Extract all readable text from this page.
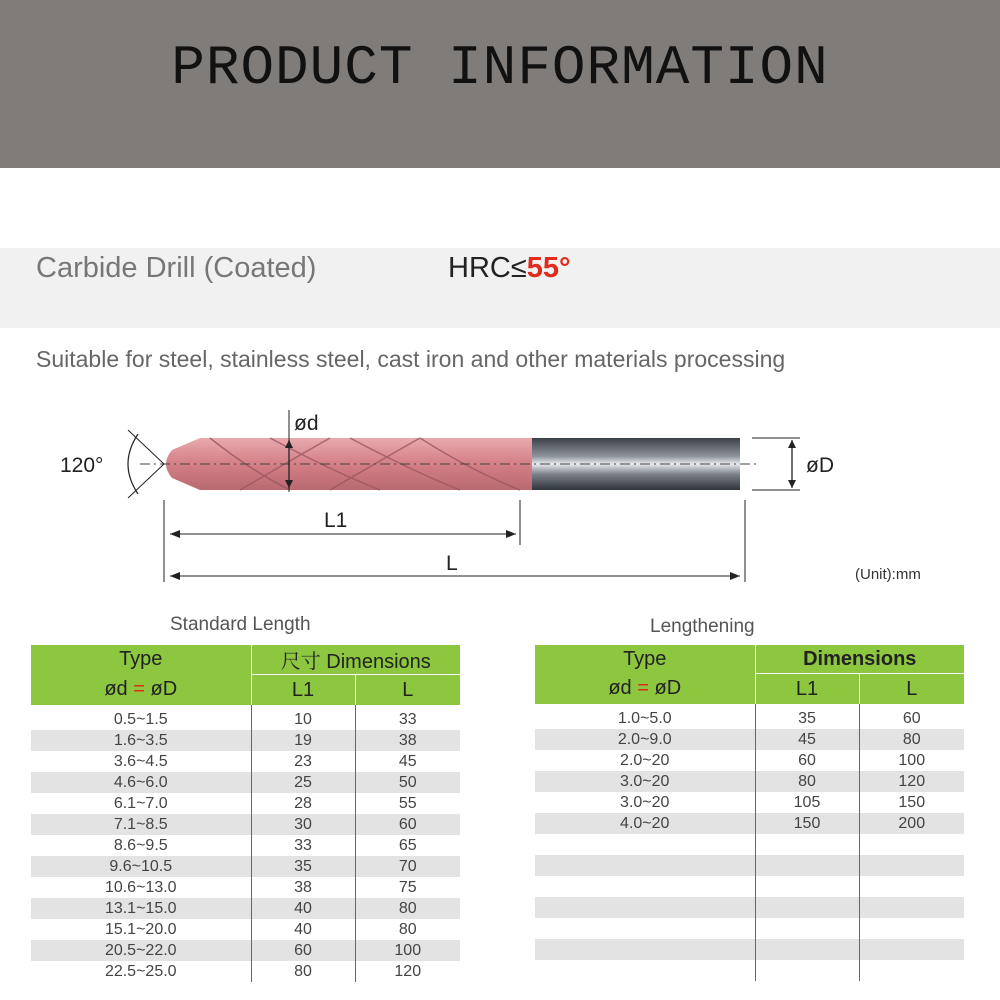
PRODUCT INFORMATION
Carbide Drill (Coated)	HRC≤55°
Suitable for steel, stainless steel, cast iron and other materials processing
120°
ød
øD
L1
L	(Unit):mm
Standard Length
Type	尺寸 Dimensions	
ød = øD	L1	L

0.5~1.5	10	33
1.6~3.5	19	38
3.6~4.5	23	45
4.6~6.0	25	50
6.1~7.0	28	55
7.1~8.5	30	60
8.6~9.5	33	65
9.6~10.5	35	70
10.6~13.0	38	75
13.1~15.0	40	80
15.1~20.0	40	80
20.5~22.0	60	100
22.5~25.0	80	120
Lengthening
Type	Dimensions	
ød = øD	L1	L

1.0~5.0	35	60
2.0~9.0	45	80
2.0~20	60	100
3.0~20	80	120
3.0~20	105	150
4.0~20	150	200
